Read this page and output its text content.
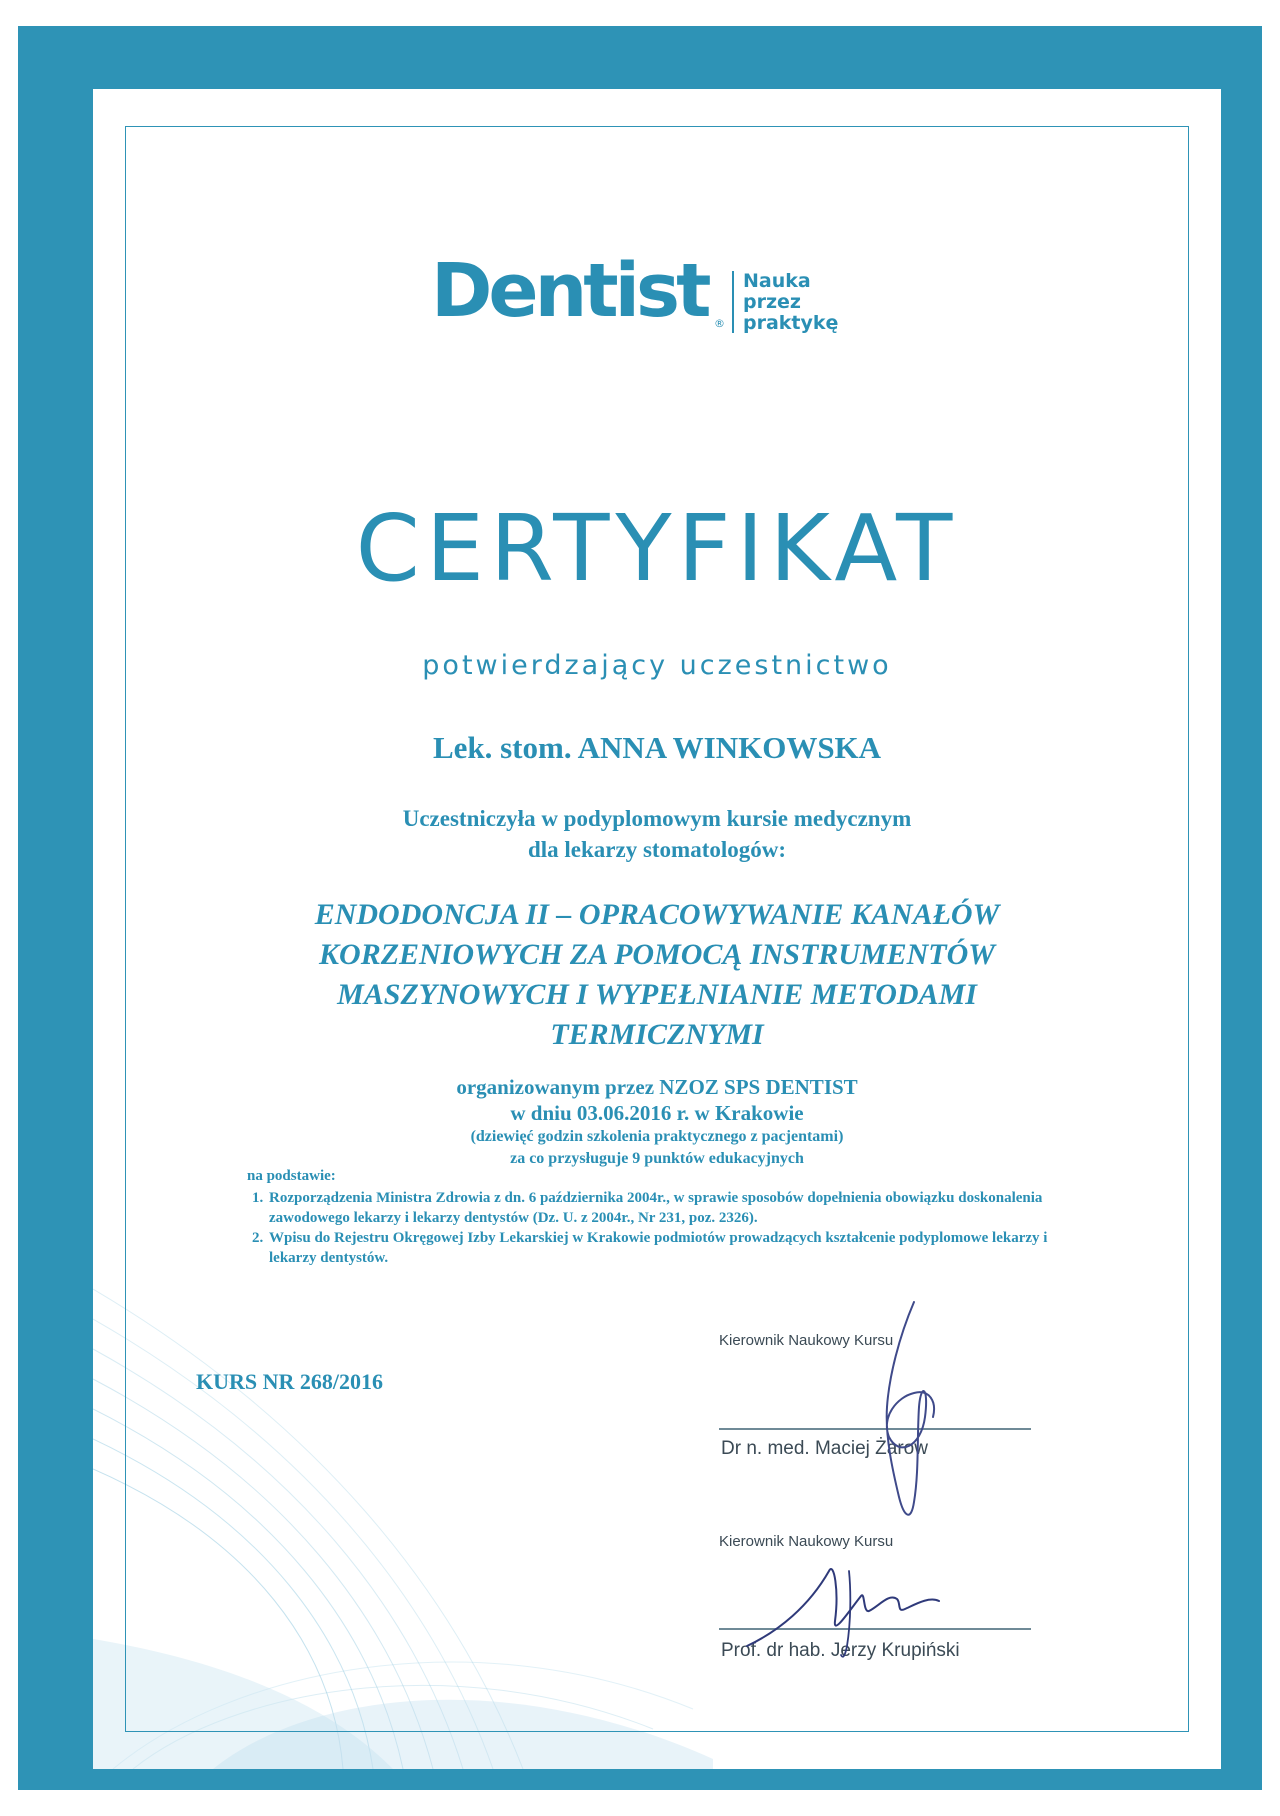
Dentist ®
Nauka
przez
praktykę
CERTYFIKAT
potwierdzający uczestnictwo
Lek. stom. ANNA WINKOWSKA
Uczestniczyła w podyplomowym kursie medycznym
dla lekarzy stomatologów:
ENDODONCJA II – OPRACOWYWANIE KANAŁÓW
KORZENIOWYCH ZA POMOCĄ INSTRUMENTÓW
MASZYNOWYCH I WYPEŁNIANIE METODAMI
TERMICZNYMI
organizowanym przez NZOZ SPS DENTIST
w dniu 03.06.2016 r. w Krakowie
(dziewięć godzin szkolenia praktycznego z pacjentami)
za co przysługuje 9 punktów edukacyjnych
na podstawie:
1. Rozporządzenia Ministra Zdrowia z dn. 6 października 2004r., w sprawie sposobów dopełnienia obowiązku doskonalenia zawodowego lekarzy i lekarzy dentystów (Dz. U. z 2004r., Nr 231, poz. 2326).
2. Wpisu do Rejestru Okręgowej Izby Lekarskiej w Krakowie podmiotów prowadzących kształcenie podyplomowe lekarzy i lekarzy dentystów.
KURS NR 268/2016
Kierownik Naukowy Kursu
Dr n. med. Maciej Żarow
Kierownik Naukowy Kursu
Prof. dr hab. Jerzy Krupiński
